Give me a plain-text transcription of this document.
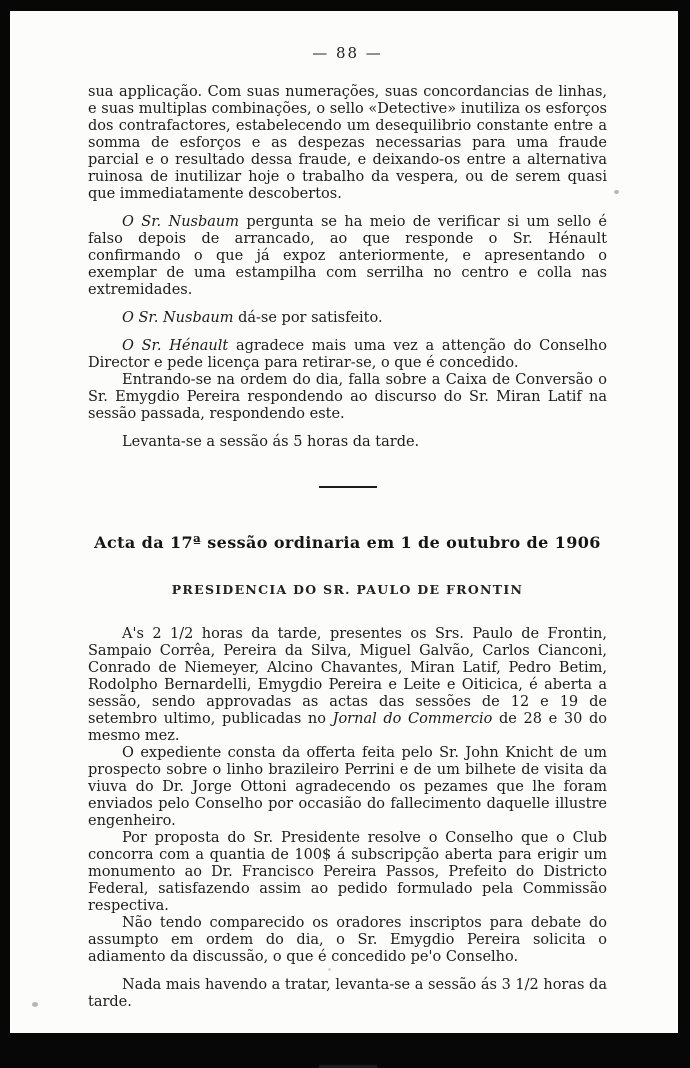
— 88 —

sua applicação. Com suas numerações, suas concordancias de linhas, e suas multiplas combinações, o sello «Detective» inutiliza os esforços dos contrafactores, estabelecendo um desequilibrio constante entre a somma de esforços e as despezas necessarias para uma fraude parcial e o resultado dessa fraude, e deixando-os entre a alternativa ruinosa de inutilizar hoje o trabalho da vespera, ou de serem quasi que immediatamente descobertos.

O Sr. Nusbaum pergunta se ha meio de verificar si um sello é falso depois de arrancado, ao que responde o Sr. Hénault confirmando o que já expoz anteriormente, e apresentando o exemplar de uma estampilha com serrilha no centro e colla nas extremidades.

O Sr. Nusbaum dá-se por satisfeito.

O Sr. Hénault agradece mais uma vez a attenção do Conselho Director e pede licença para retirar-se, o que é concedido.

Entrando-se na ordem do dia, falla sobre a Caixa de Conversão o Sr. Emygdio Pereira respondendo ao discurso do Sr. Miran Latif na sessão passada, respondendo este.

Levanta-se a sessão ás 5 horas da tarde.

Acta da 17ª sessão ordinaria em 1 de outubro de 1906
PRESIDENCIA DO SR. PAULO DE FRONTIN

A's 2 1/2 horas da tarde, presentes os Srs. Paulo de Frontin, Sampaio Corrêa, Pereira da Silva, Miguel Galvão, Carlos Cianconi, Conrado de Niemeyer, Alcino Chavantes, Miran Latif, Pedro Betim, Rodolpho Bernardelli, Emygdio Pereira e Leite e Oiticica, é aberta a sessão, sendo approvadas as actas das sessões de 12 e 19 de setembro ultimo, publicadas no Jornal do Commercio de 28 e 30 do mesmo mez.

O expediente consta da offerta feita pelo Sr. John Knicht de um prospecto sobre o linho brazileiro Perrini e de um bilhete de visita da viuva do Dr. Jorge Ottoni agradecendo os pezames que lhe foram enviados pelo Conselho por occasião do fallecimento daquelle illustre engenheiro.

Por proposta do Sr. Presidente resolve o Conselho que o Club concorra com a quantia de 100$ á subscripção aberta para erigir um monumento ao Dr. Francisco Pereira Passos, Prefeito do Districto Federal, satisfazendo assim ao pedido formulado pela Commissão respectiva.

Não tendo comparecido os oradores inscriptos para debate do assumpto em ordem do dia, o Sr. Emygdio Pereira solicita o adiamento da discussão, o que é concedido pe'o Conselho.

Nada mais havendo a tratar, levanta-se a sessão ás 3 1/2 horas da tarde.
